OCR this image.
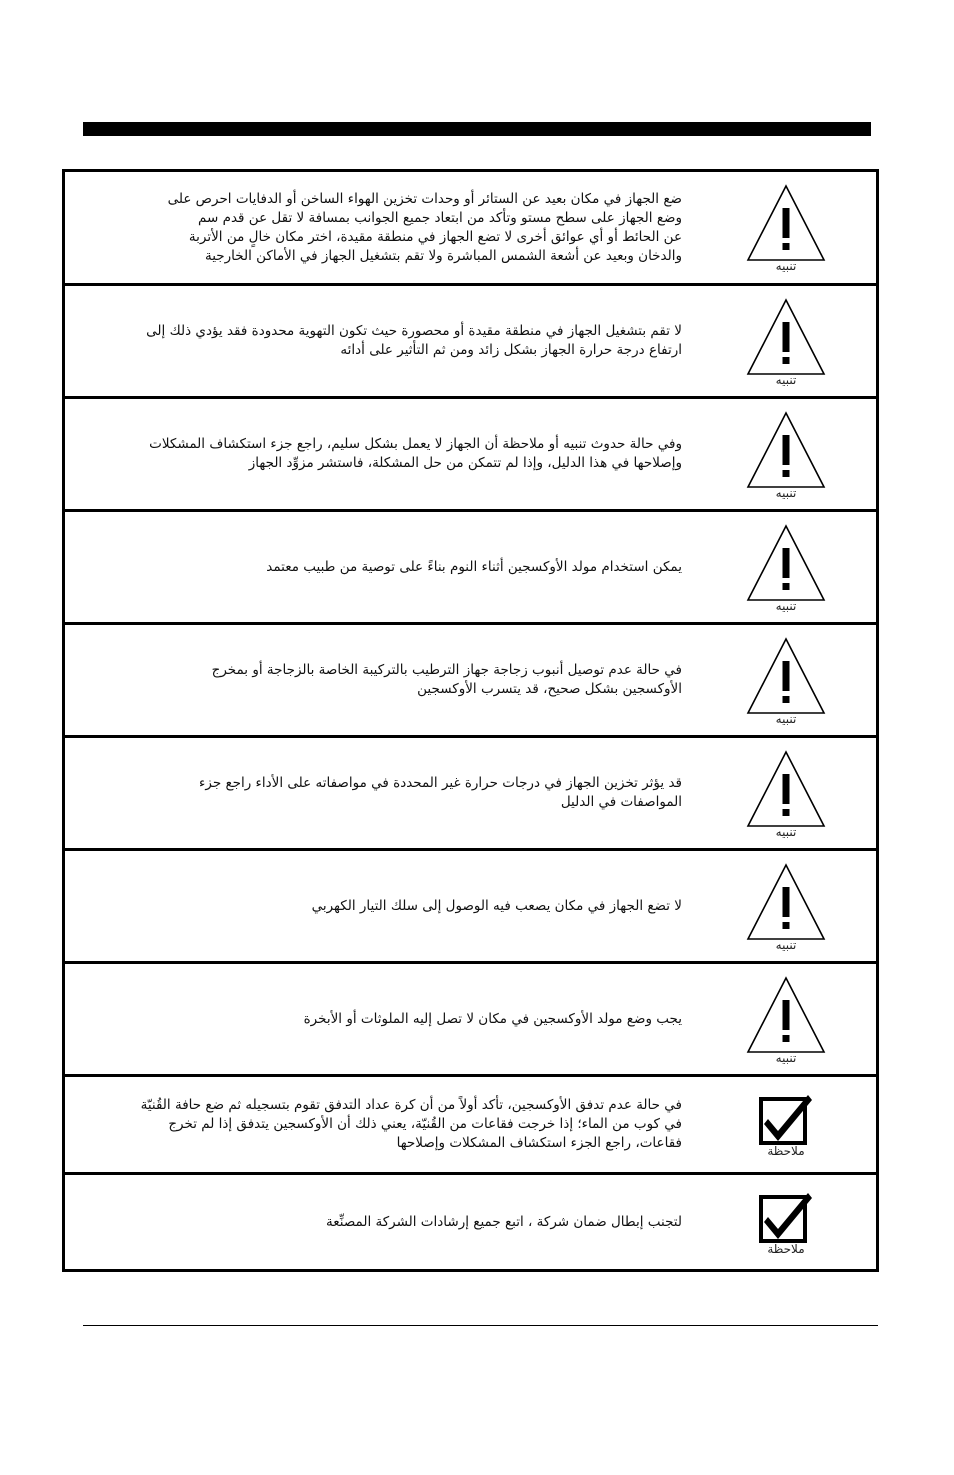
ضع الجهاز في مكان بعيد عن الستائر أو وحدات تخزين الهواء الساخن أو الدفايات احرص على
وضع الجهاز على سطح مستو وتأكد من ابتعاد جميع الجوانب بمسافة لا تقل عن قدم سم
عن الحائط أو أي عوائق أخرى لا تضع الجهاز في منطقة مقيدة، اختر مكان خالٍ من الأتربة
والدخان وبعيد عن أشعة الشمس المباشرة ولا تقم بتشغيل الجهاز في الأماكن الخارجية
تنبيه
لا تقم بتشغيل الجهاز في منطقة مقيدة أو محصورة حيث تكون التهوية محدودة فقد يؤدي ذلك إلى
ارتفاع درجة حرارة الجهاز بشكل زائد ومن ثم التأثير على أدائه
تنبيه
وفي حالة حدوث تنبيه أو ملاحظة أن الجهاز لا يعمل بشكل سليم، راجع جزء استكشاف المشكلات
وإصلاحها في هذا الدليل، وإذا لم تتمكن من حل المشكلة، فاستشر مزوِّد الجهاز
تنبيه
يمكن استخدام مولد الأوكسجين أثناء النوم بناءً على توصية من طبيب معتمد
تنبيه
في حالة عدم توصيل أنبوب زجاجة جهاز الترطيب بالتركيبة الخاصة بالزجاجة أو بمخرج
الأوكسجين بشكل صحيح، قد يتسرب الأوكسجين
تنبيه
قد يؤثر تخزين الجهاز في درجات حرارة غير المحددة في مواصفاته على الأداء راجع جزء
المواصفات في الدليل
تنبيه
لا تضع الجهاز في مكان يصعب فيه الوصول إلى سلك التيار الكهربي
تنبيه
يجب وضع مولد الأوكسجين في مكان لا تصل إليه الملوثات أو الأبخرة
تنبيه
في حالة عدم تدفق الأوكسجين، تأكد أولاً من أن كرة عداد التدفق تقوم بتسجيله ثم ضع حافة القُنيّة
في كوب من الماء؛ إذا خرجت فقاعات من القُنيّة، يعني ذلك أن الأوكسجين يتدفق إذا لم تخرج
فقاعات، راجع الجزء استكشاف المشكلات وإصلاحها	ملاحظة
لتجنب إبطال ضمان شركة ، اتبع جميع إرشادات الشركة المصنِّعة
ملاحظة
